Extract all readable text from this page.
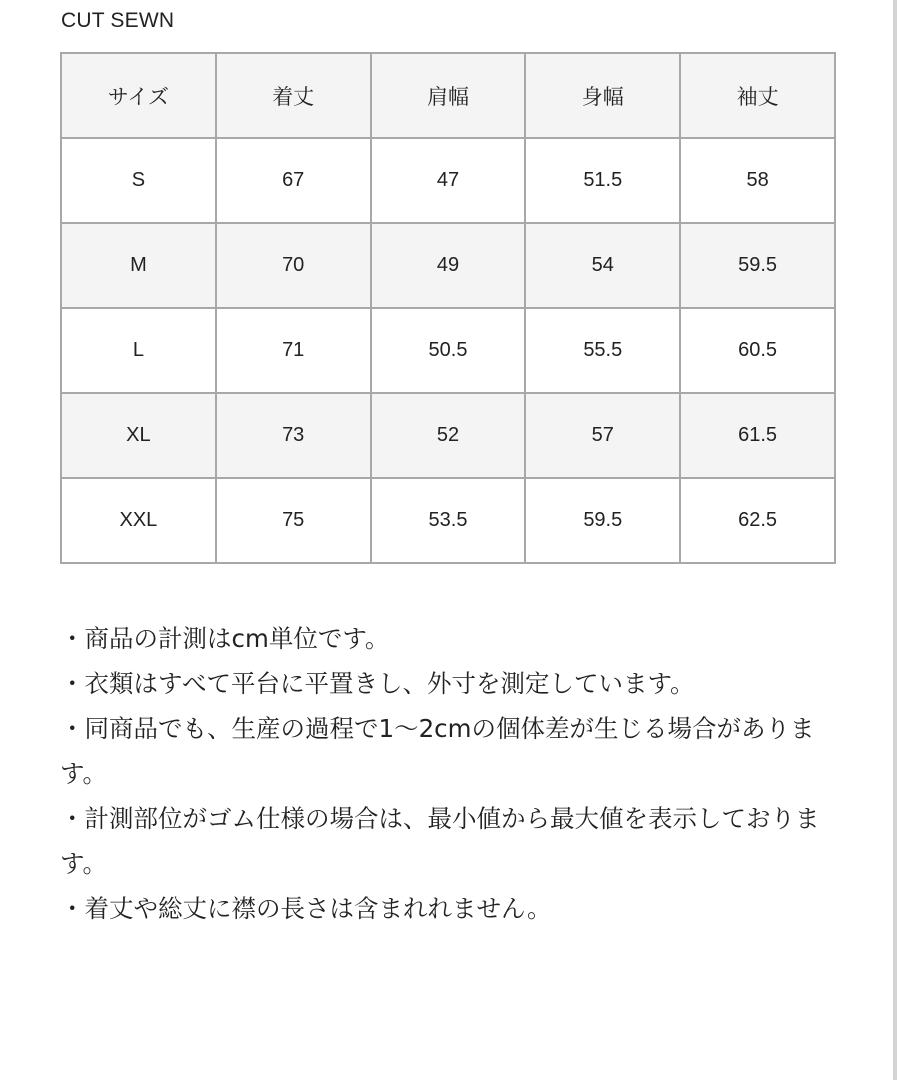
CUT SEWN
サイズ	着丈	肩幅	身幅	袖丈
S	67	47	51.5	58
M	70	49	54	59.5
L	71	50.5	55.5	60.5
XL	73	52	57	61.5
XXL	75	53.5	59.5	62.5

・商品の計測はcm単位です。

・衣類はすべて平台に平置きし、外寸を測定しています。

・同商品でも、生産の過程で1〜2cmの個体差が生じる場合があります。

・計測部位がゴム仕様の場合は、最小値から最大値を表示しております。

・着丈や総丈に襟の長さは含まれれません。
